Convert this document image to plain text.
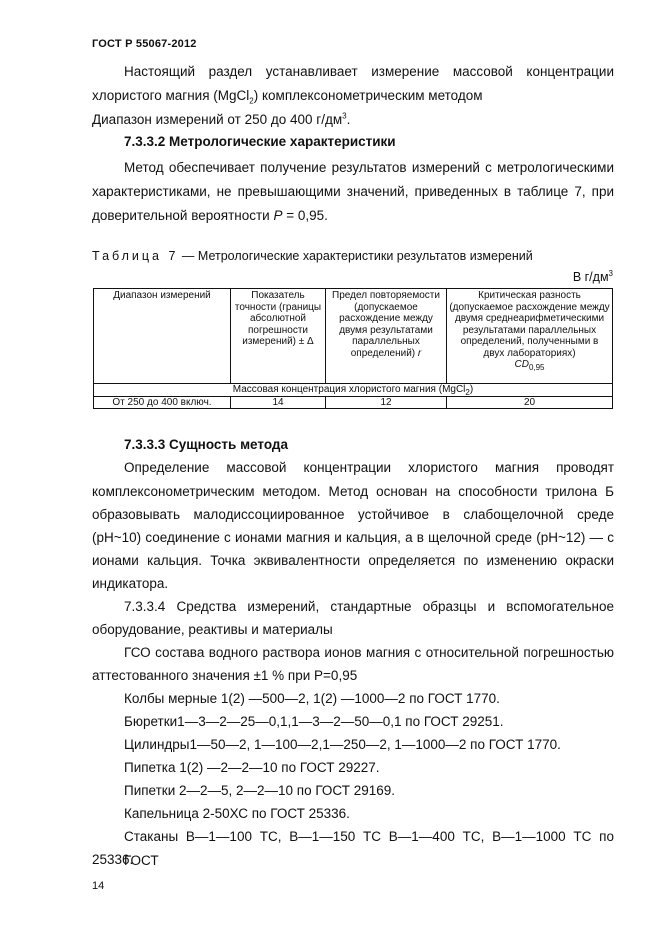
ГОСТ Р 55067-2012

Настоящий раздел устанавливает измерение массовой концентрации

хлористого магния (MgCl$_2$) комплексонометрическим методом

Диапазон измерений от 250 до 400 $г/дм^3$.

7.3.3.2 Метрологические характеристики

Метод обеспечивает получение результатов измерений с метрологическими

характеристиками, не превышающими значений, приведенных в таблице 7, при

доверительной вероятности P = 0,95.

Таблица 7 — Метрологические характеристики результатов измерений
В $г/дм^3$
Диапазон измерений	Показатель точности (границы абсолютной погрешности измерений) ± Δ	Предел повторяемости (допускаемое расхождение между двумя результатами параллельных определений) r	Критическая разность (допускаемое расхождение между двумя среднеарифметическими результатами параллельных определений, полученными в двух лабораториях)
$CD_{0,95}$
Массовая концентрация хлористого магния (MgCl$_2$)			
От 250 до 400 включ.	14	12	20

7.3.3.3 Сущность метода

Определение массовой концентрации хлористого магния проводят

комплексонометрическим методом. Метод основан на способности трилона Б

образовывать малодиссоциированное устойчивое в слабощелочной среде

(рН~10) соединение с ионами магния и кальция, а в щелочной среде (рН~12) — с

ионами кальция. Точка эквивалентности определяется по изменению окраски

индикатора.

7.3.3.4 Средства измерений, стандартные образцы и вспомогательное

оборудование, реактивы и материалы

ГСО состава водного раствора ионов магния с относительной погрешностью

аттестованного значения ±1 % при Р=0,95

Колбы мерные 1(2) —500—2, 1(2) —1000—2 по ГОСТ 1770.

Бюретки1—3—2—25—0,1,1—3—2—50—0,1 по ГОСТ 29251.

Цилиндры1—50—2, 1—100—2,1—250—2, 1—1000—2 по ГОСТ 1770.

Пипетка 1(2) —2—2—10 по ГОСТ 29227.

Пипетки 2—2—5, 2—2—10 по ГОСТ 29169.

Капельница 2-50ХС по ГОСТ 25336.

Стаканы В—1—100 ТС, В—1—150 ТС В—1—400 ТС, В—1—1000 ТС по ГОСТ

25336.

14
